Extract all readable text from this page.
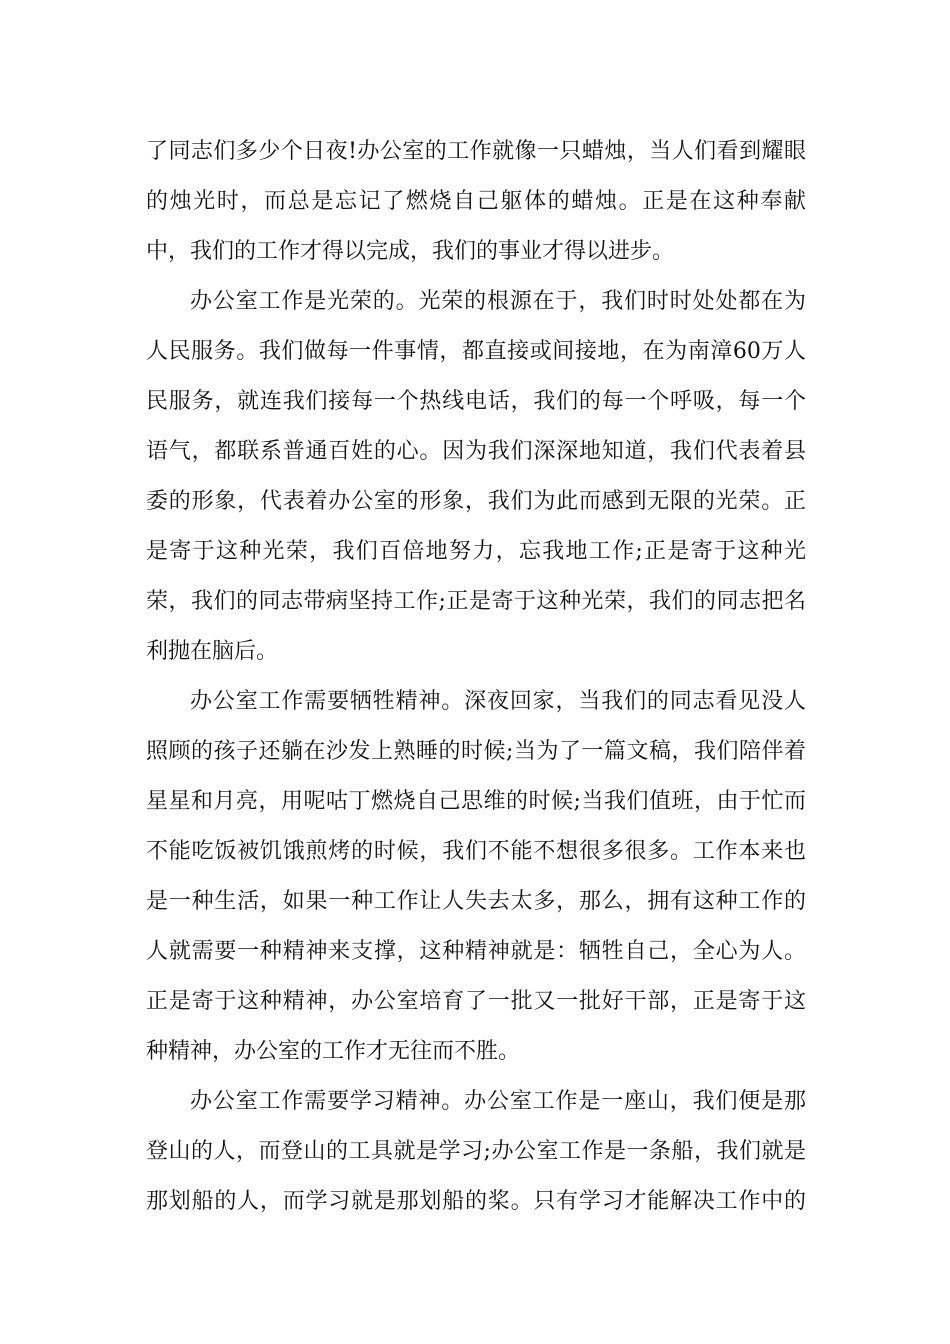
了同志们多少个日夜!办公室的工作就像一只蜡烛，当人们看到耀眼
的烛光时，而总是忘记了燃烧自己躯体的蜡烛。正是在这种奉献
中，我们的工作才得以完成，我们的事业才得以进步。
办公室工作是光荣的。光荣的根源在于，我们时时处处都在为
人民服务。我们做每一件事情，都直接或间接地，在为南漳60万人
民服务，就连我们接每一个热线电话，我们的每一个呼吸，每一个
语气，都联系普通百姓的心。因为我们深深地知道，我们代表着县
委的形象，代表着办公室的形象，我们为此而感到无限的光荣。正
是寄于这种光荣，我们百倍地努力，忘我地工作;正是寄于这种光
荣，我们的同志带病坚持工作;正是寄于这种光荣，我们的同志把名
利抛在脑后。
办公室工作需要牺牲精神。深夜回家，当我们的同志看见没人
照顾的孩子还躺在沙发上熟睡的时候;当为了一篇文稿，我们陪伴着
星星和月亮，用呢咕丁燃烧自己思维的时候;当我们值班，由于忙而
不能吃饭被饥饿煎烤的时候，我们不能不想很多很多。工作本来也
是一种生活，如果一种工作让人失去太多，那么，拥有这种工作的
人就需要一种精神来支撑，这种精神就是：牺牲自己，全心为人。
正是寄于这种精神，办公室培育了一批又一批好干部，正是寄于这
种精神，办公室的工作才无往而不胜。
办公室工作需要学习精神。办公室工作是一座山，我们便是那
登山的人，而登山的工具就是学习;办公室工作是一条船，我们就是
那划船的人，而学习就是那划船的桨。只有学习才能解决工作中的
